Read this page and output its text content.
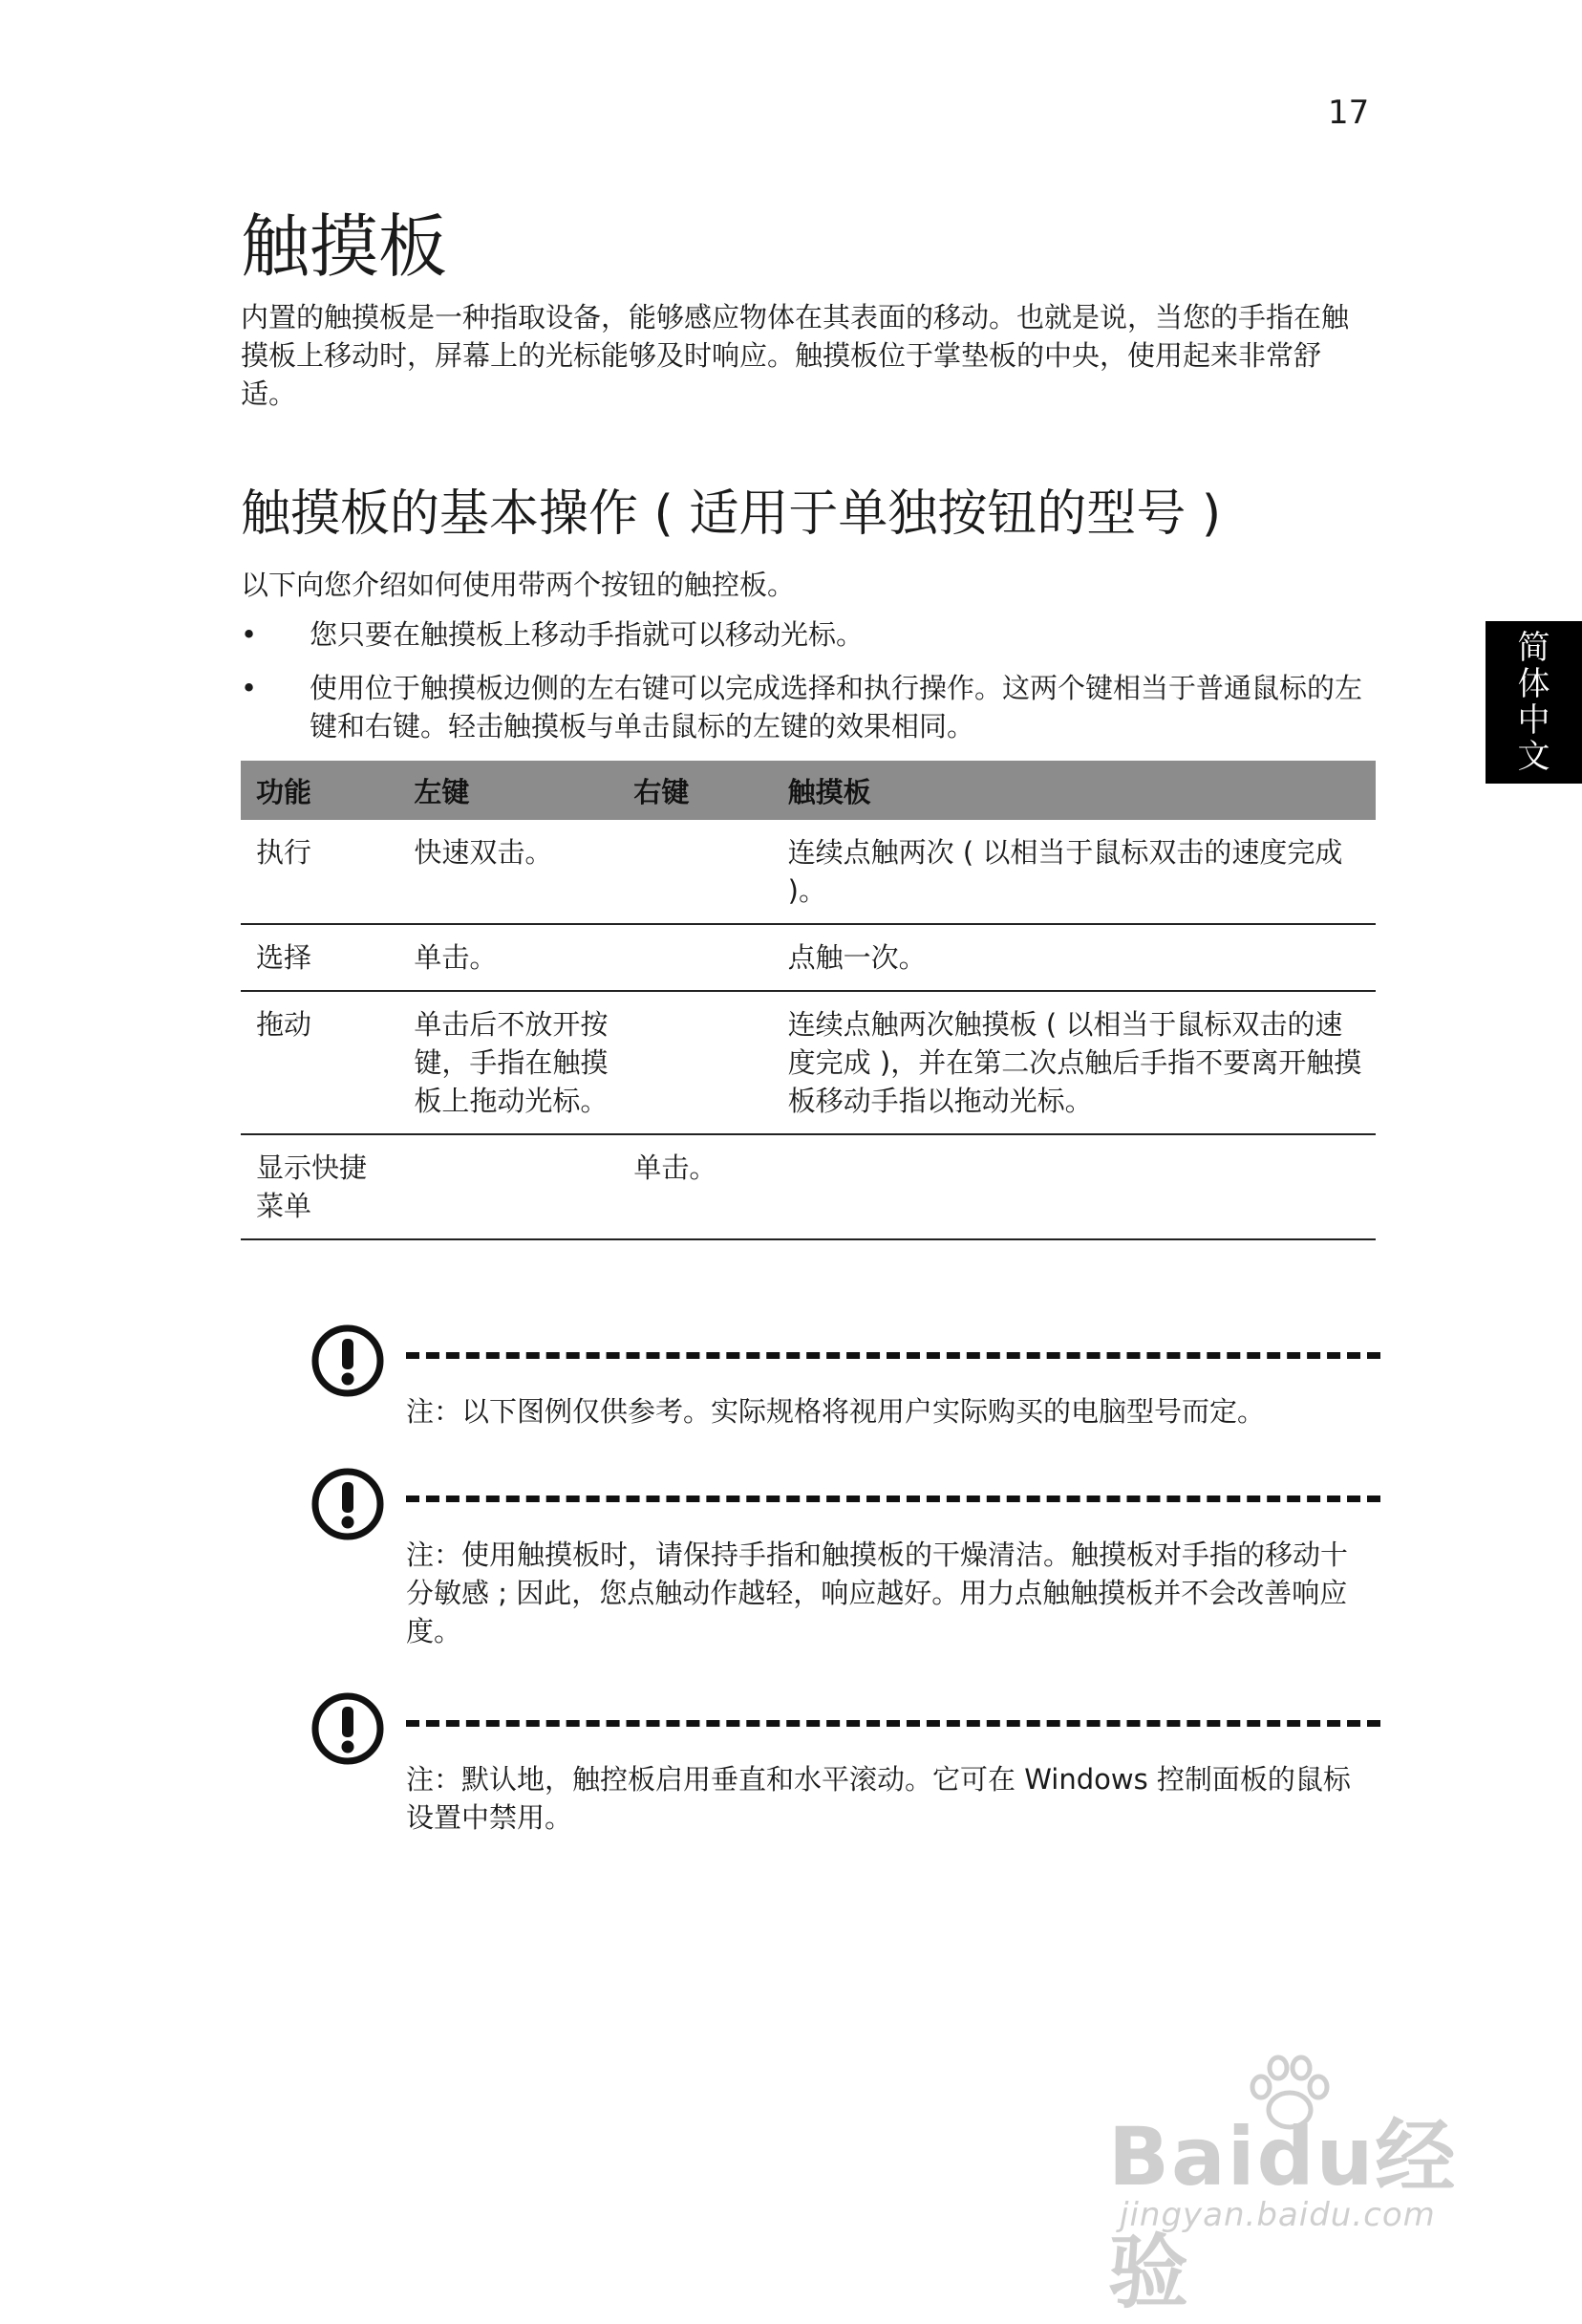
17
触摸板

内置的触摸板是一种指取设备，能够感应物体在其表面的移动。也就是说，当您的手指在触摸板上移动时，屏幕上的光标能够及时响应。触摸板位于掌垫板的中央，使用起来非常舒适。

触摸板的基本操作 ( 适用于单独按钮的型号 )

以下向您介绍如何使用带两个按钮的触控板。

• 您只要在触摸板上移动手指就可以移动光标。
• 使用位于触摸板边侧的左右键可以完成选择和执行操作。这两个键相当于普通鼠标的左键和右键。轻击触摸板与单击鼠标的左键的效果相同。
简
体
中
文
功能	左键	右键	触摸板
执行	快速双击。		连续点触两次 ( 以相当于鼠标双击的速度完成 )。
选择	单击。		点触一次。
拖动	单击后不放开按键，手指在触摸板上拖动光标。		连续点触两次触摸板 ( 以相当于鼠标双击的速度完成 )，并在第二次点触后手指不要离开触摸板移动手指以拖动光标。
显示快捷菜单		单击。	
注：以下图例仅供参考。实际规格将视用户实际购买的电脑型号而定。
注：使用触摸板时，请保持手指和触摸板的干燥清洁。触摸板对手指的移动十分敏感 ; 因此，您点触动作越轻，响应越好。用力点触触摸板并不会改善响应度。
注：默认地，触控板启用垂直和水平滚动。它可在 Windows 控制面板的鼠标设置中禁用。
Baidu经验
jingyan.baidu.com
